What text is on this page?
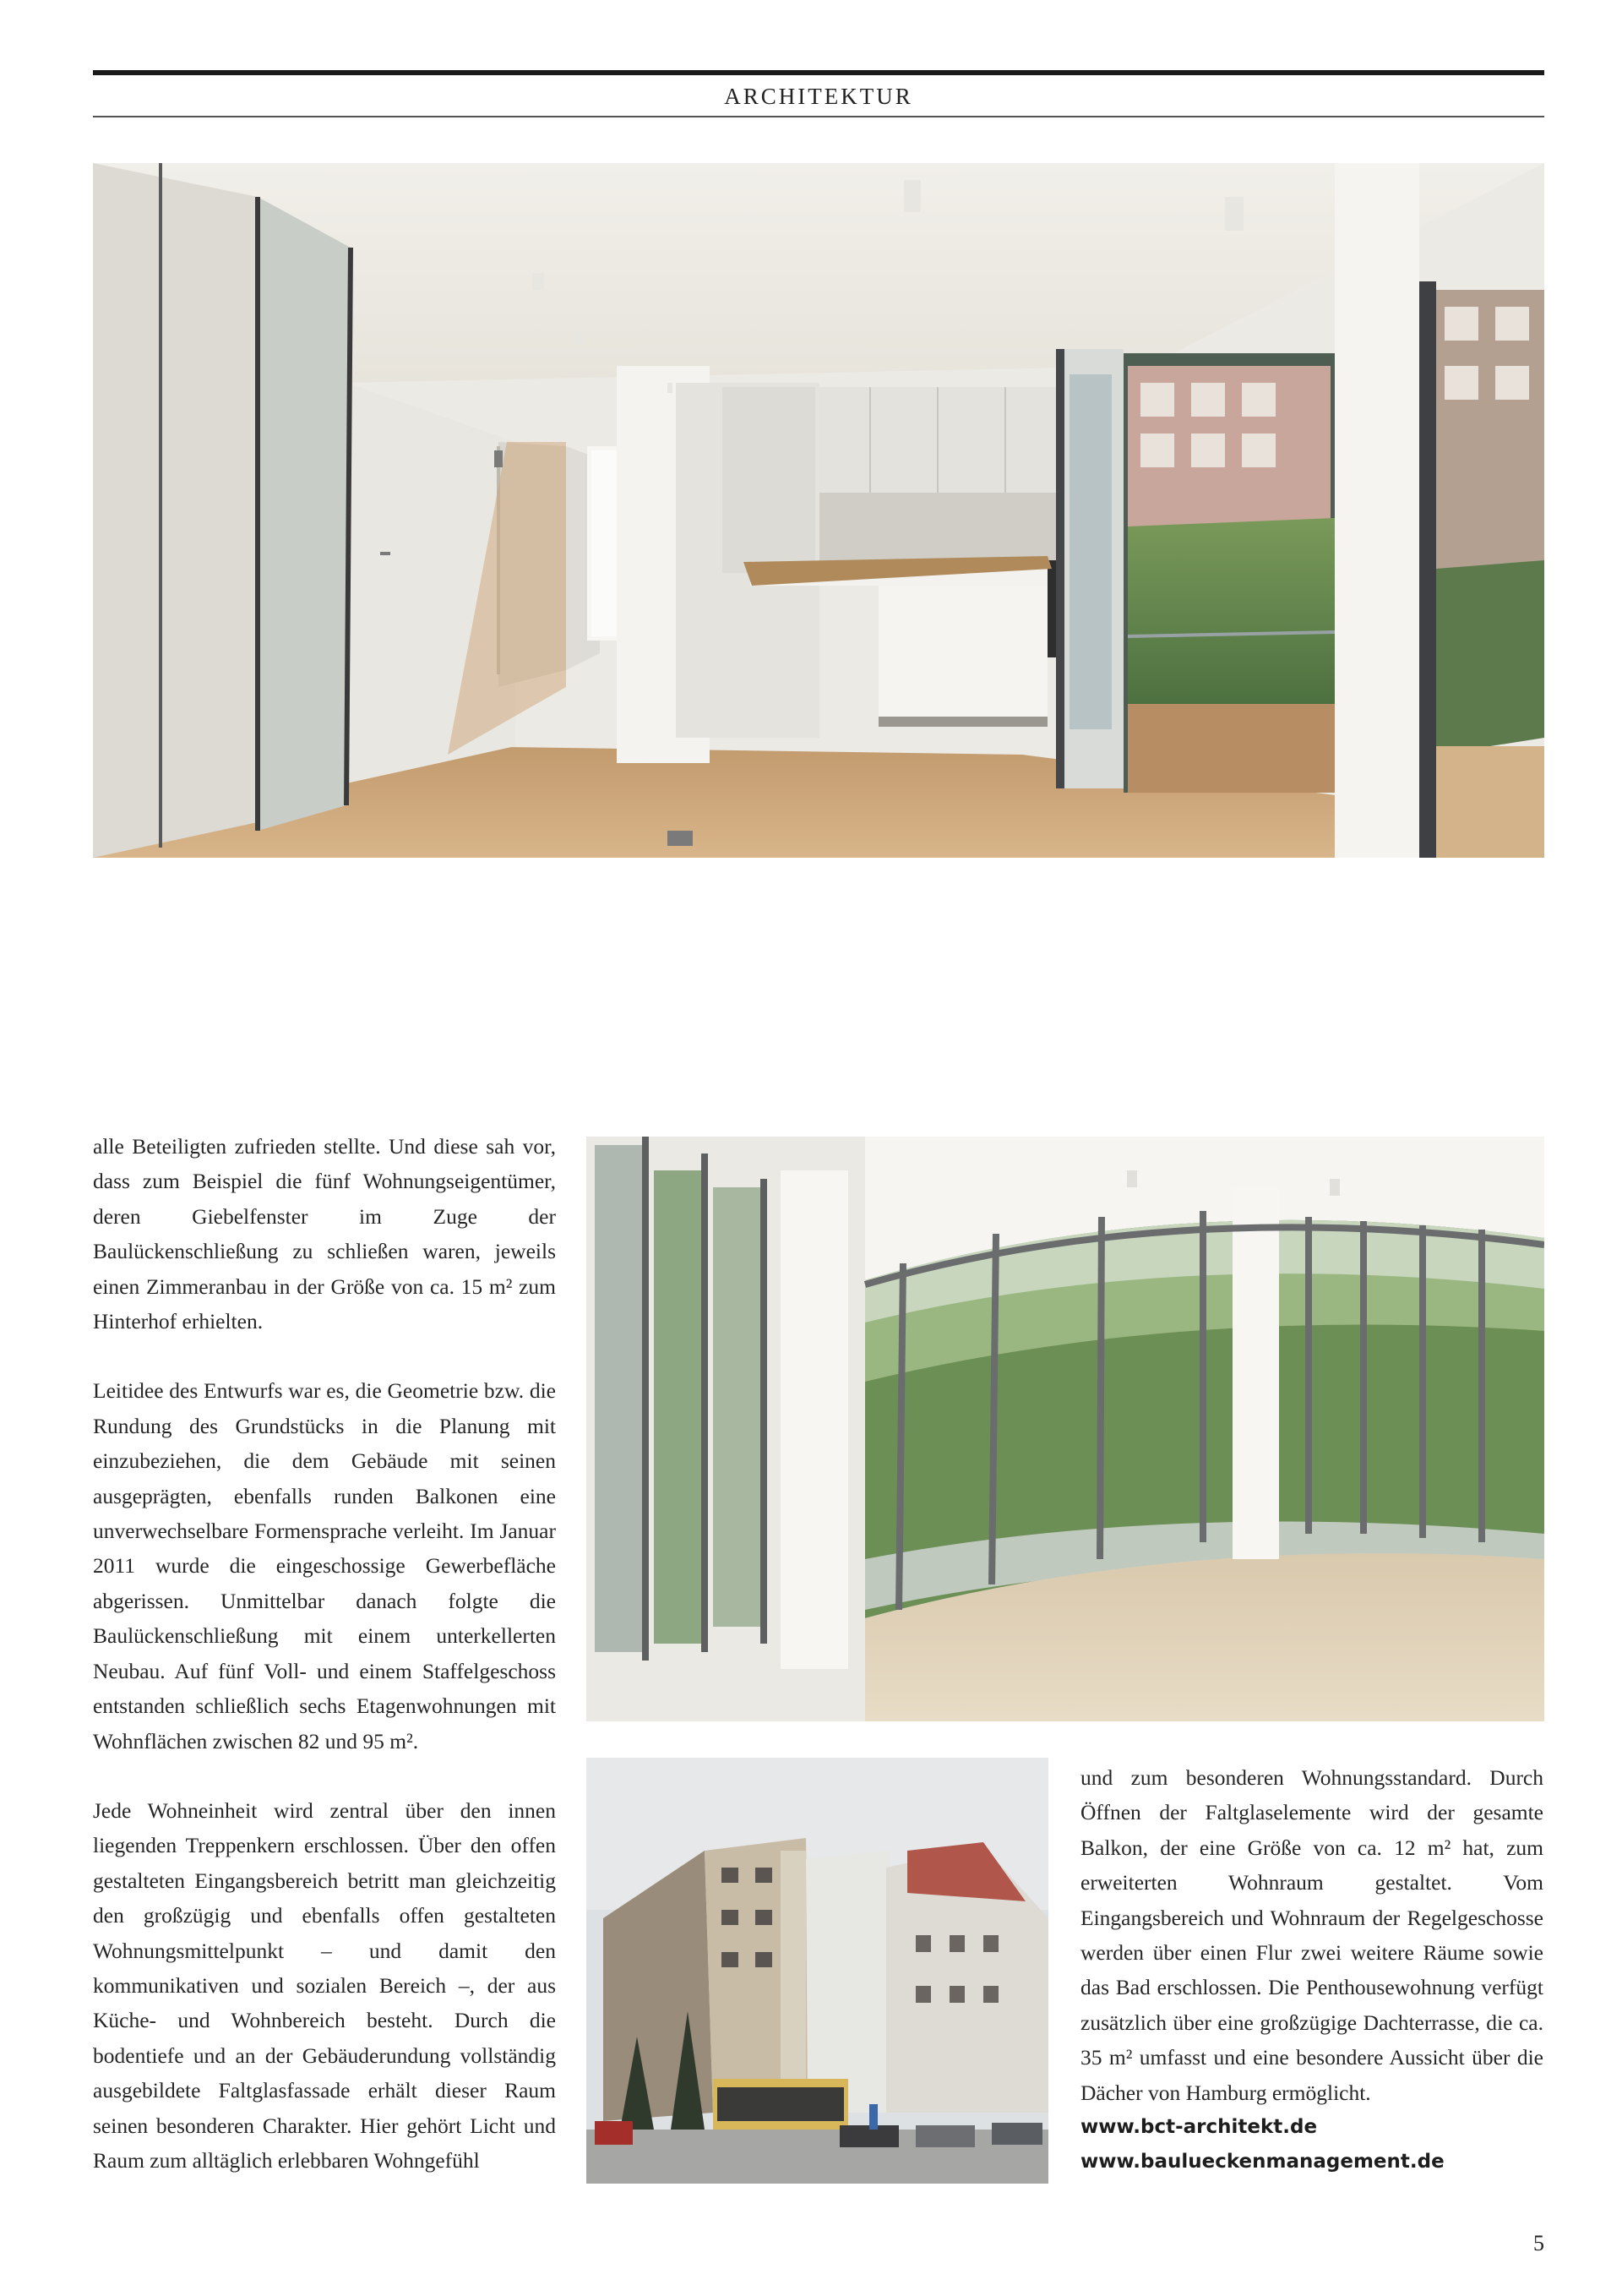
ARCHITEKTUR

alle Beteiligten zufrieden stellte. Und diese sah vor, dass zum Beispiel die fünf Wohnungseigentümer, deren Giebelfenster im Zuge der Baulückenschließung zu schließen waren, jeweils einen Zimmeranbau in der Größe von ca. 15 m² zum Hinterhof erhielten.

Leitidee des Entwurfs war es, die Geometrie bzw. die Rundung des Grundstücks in die Planung mit einzubeziehen, die dem Gebäude mit seinen ausgeprägten, ebenfalls runden Balkonen eine unverwechselbare Formensprache verleiht. Im Januar 2011 wurde die eingeschossige Gewerbefläche abgerissen. Unmittelbar danach folgte die Baulückenschließung mit einem unterkellerten Neubau. Auf fünf Voll- und einem Staffelgeschoss entstanden schließlich sechs Etagenwohnungen mit Wohnflächen zwischen 82 und 95 m².

Jede Wohneinheit wird zentral über den innen liegenden Treppenkern erschlossen. Über den offen gestalteten Eingangsbereich betritt man gleichzeitig den großzügig und ebenfalls offen gestalteten Wohnungsmittelpunkt – und damit den kommunikativen und sozialen Bereich –, der aus Küche- und Wohnbereich besteht. Durch die bodentiefe und an der Gebäuderundung vollständig ausgebildete Faltglasfassade erhält dieser Raum seinen besonderen Charakter. Hier gehört Licht und Raum zum alltäglich erlebbaren Wohngefühl

und zum besonderen Wohnungsstandard. Durch Öffnen der Faltglaselemente wird der gesamte Balkon, der eine Größe von ca. 12 m² hat, zum erweiterten Wohnraum gestaltet. Vom Eingangsbereich und Wohnraum der Regelgeschosse werden über einen Flur zwei weitere Räume sowie das Bad erschlossen. Die Penthousewohnung verfügt zusätzlich über eine großzügige Dachterrasse, die ca. 35 m² umfasst und eine besondere Aussicht über die Dächer von Hamburg ermöglicht.

www.bct-architekt.de
www.baulueckenmanagement.de
5
